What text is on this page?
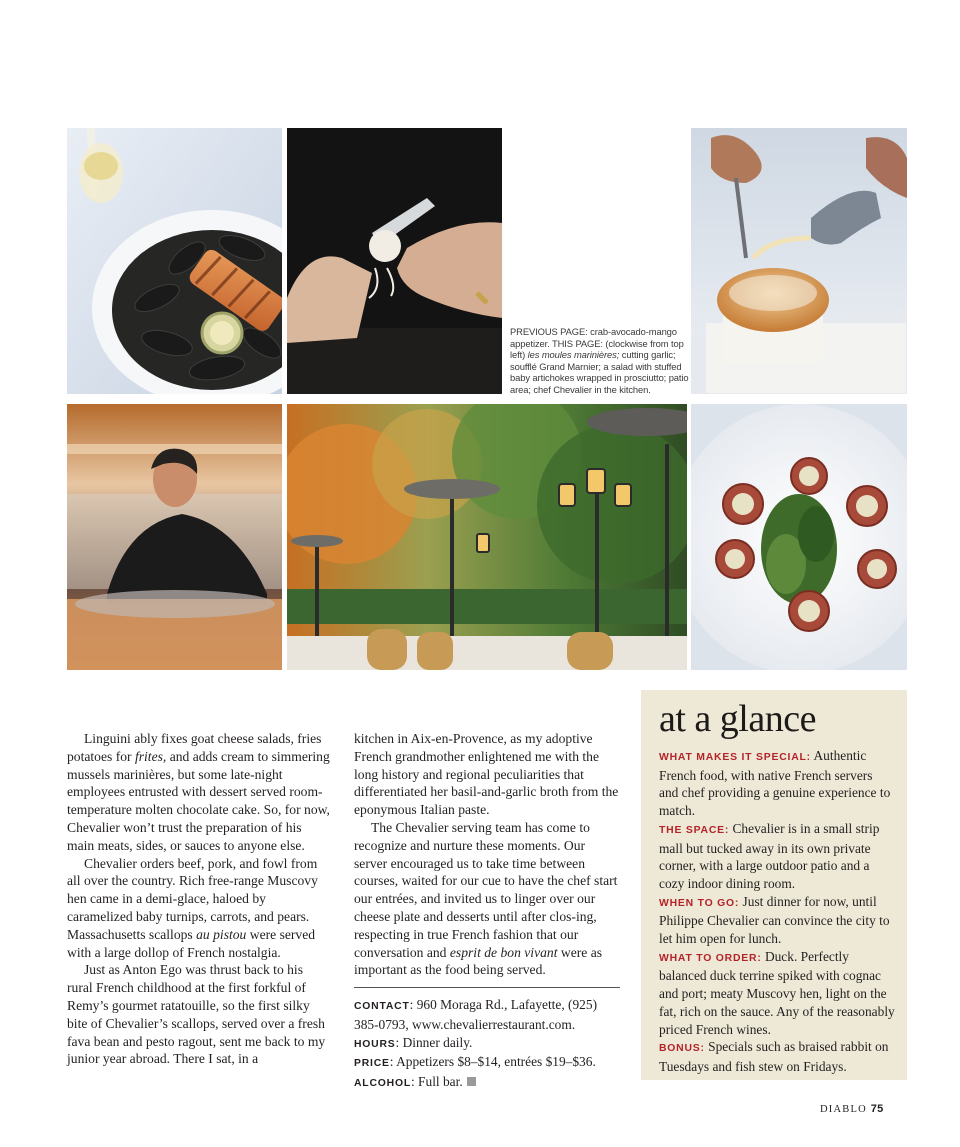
PREVIOUS PAGE: crab-avocado-mango appetizer. THIS PAGE: (clockwise from top left) les moules marinières; cutting garlic; soufflé Grand Marnier; a salad with stuffed baby artichokes wrapped in prosciutto; patio area; chef Chevalier in the kitchen.

Linguini ably fixes goat cheese salads, fries potatoes for frites, and adds cream to simmering mussels marinières, but some late-night employees entrusted with dessert served room-temperature molten chocolate cake. So, for now, Chevalier won’t trust the preparation of his main meats, sides, or sauces to anyone else.

Chevalier orders beef, pork, and fowl from all over the country. Rich free-range Muscovy hen came in a demi-glace, haloed by caramelized baby turnips, carrots, and pears. Massachusetts scallops au pistou were served with a large dollop of French nostalgia.

Just as Anton Ego was thrust back to his rural French childhood at the first forkful of Remy’s gourmet ratatouille, so the first silky bite of Chevalier’s scallops, served over a fresh fava bean and pesto ragout, sent me back to my junior year abroad. There I sat, in a

kitchen in Aix-en-Provence, as my adoptive French grandmother enlightened me with the long history and regional peculiarities that differentiated her basil-and-garlic broth from the eponymous Italian paste.

The Chevalier serving team has come to recognize and nurture these moments. Our server encouraged us to take time between courses, waited for our cue to have the chef start our entrées, and invited us to linger over our cheese plate and desserts until after clos-ing, respecting in true French fashion that our conversation and esprit de bon vivant were as important as the food being served.

CONTACT: 960 Moraga Rd., Lafayette, (925) 385-0793, www.chevalierrestaurant.com.
HOURS: Dinner daily.
PRICE: Appetizers $8–$14, entrées $19–$36.
ALCOHOL: Full bar.
at a glance
WHAT MAKES IT SPECIAL: Authentic French food, with native French servers and chef providing a genuine experience to match.
THE SPACE: Chevalier is in a small strip mall but tucked away in its own private corner, with a large outdoor patio and a cozy indoor dining room.
WHEN TO GO: Just dinner for now, until Philippe Chevalier can convince the city to let him open for lunch.
WHAT TO ORDER: Duck. Perfectly balanced duck terrine spiked with cognac and port; meaty Muscovy hen, light on the fat, rich on the sauce. Any of the reasonably priced French wines.
BONUS: Specials such as braised rabbit on Tuesdays and fish stew on Fridays.
DIABLO 75
